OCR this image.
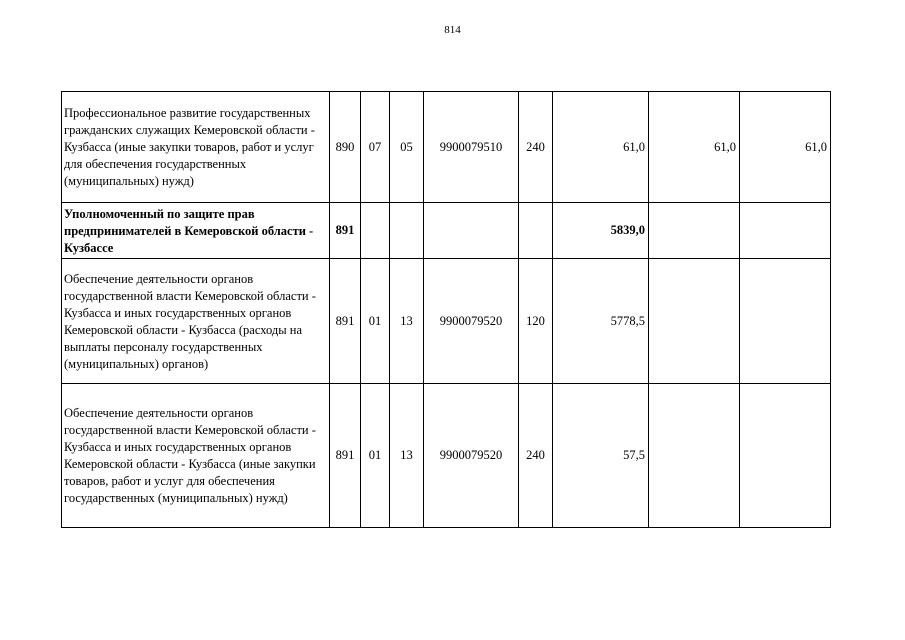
814
Профессиональное развитие государственных гражданских служащих Кемеровской области - Кузбасса (иные закупки товаров, работ и услуг для обеспечения государственных (муниципальных) нужд)	890	07	05	9900079510	240	61,0	61,0	61,0
Уполномоченный по защите прав предпринимателей в Кемеровской области - Кузбассе	891					5839,0		
Обеспечение деятельности органов государственной власти Кемеровской области - Кузбасса и иных государственных органов Кемеровской области - Кузбасса (расходы на выплаты персоналу государственных (муниципальных) органов)	891	01	13	9900079520	120	5778,5		
Обеспечение деятельности органов государственной власти Кемеровской области - Кузбасса и иных государственных органов Кемеровской области - Кузбасса (иные закупки товаров, работ и услуг для обеспечения государственных (муниципальных) нужд)	891	01	13	9900079520	240	57,5		
